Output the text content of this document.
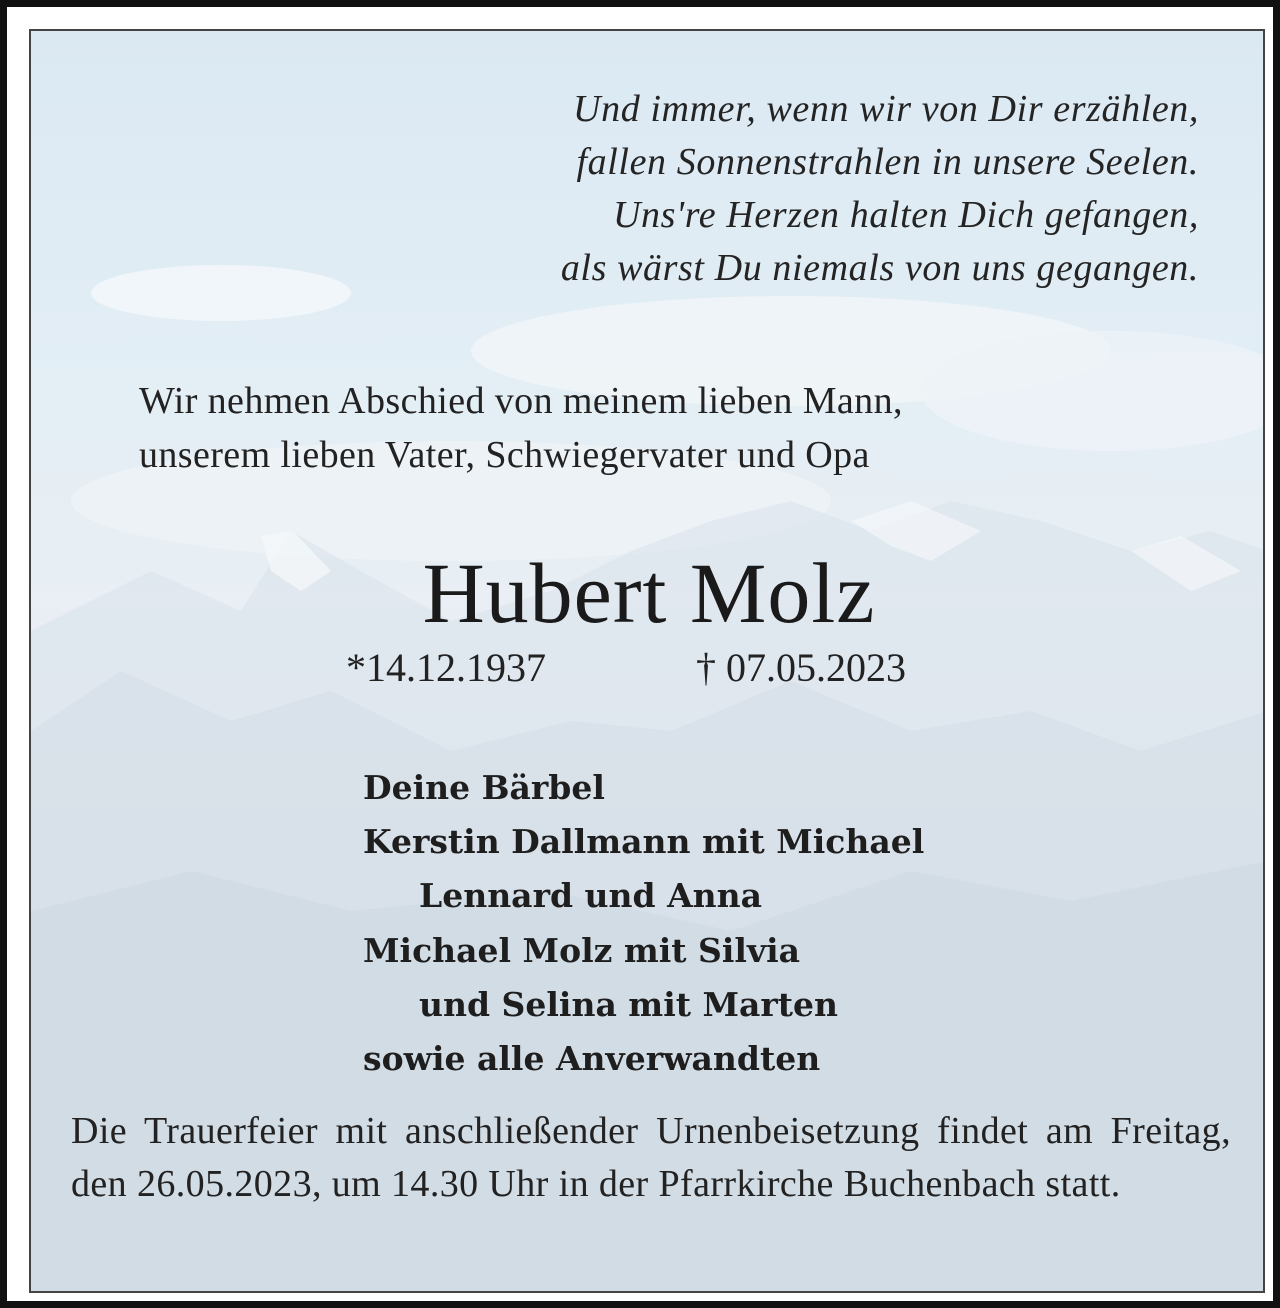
Und immer, wenn wir von Dir erzählen,
fallen Sonnenstrahlen in unsere Seelen.
Uns're Herzen halten Dich gefangen,
als wärst Du niemals von uns gegangen.
Wir nehmen Abschied von meinem lieben Mann,
unserem lieben Vater, Schwiegervater und Opa
Hubert Molz
*14.12.1937	† 07.05.2023
Deine Bärbel
Kerstin Dallmann mit Michael
Lennard und Anna
Michael Molz mit Silvia
und Selina mit Marten
sowie alle Anverwandten
Die Trauerfeier mit anschließender Urnenbeisetzung findet am Freitag, den 26.05.2023, um 14.30 Uhr in der Pfarrkirche Buchenbach statt.
